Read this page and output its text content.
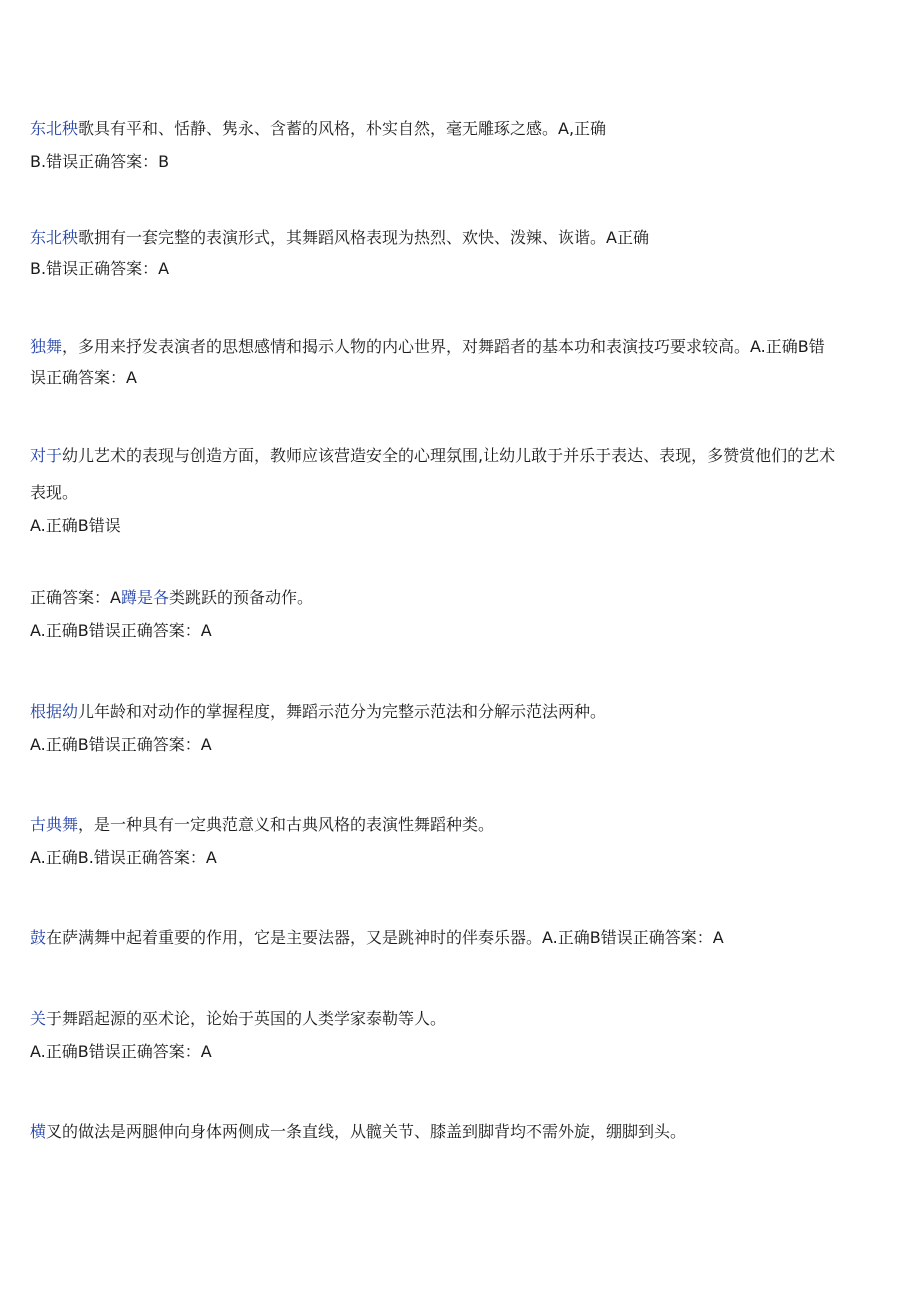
东北秧歌具有平和、恬静、隽永、含蓄的风格，朴实自然，毫无雕琢之感。A,正确
B.错误正确答案：B
东北秧歌拥有一套完整的表演形式，其舞蹈风格表现为热烈、欢快、泼辣、诙谐。A正确
B.错误正确答案：A
独舞，多用来抒发表演者的思想感情和揭示人物的内心世界，对舞蹈者的基本功和表演技巧要求较高。A.正确B错
误正确答案：A
对于幼儿艺术的表现与创造方面，教师应该营造安全的心理氛围,让幼儿敢于并乐于表达、表现，多赞赏他们的艺术
表现。
A.正确B错误
正确答案：A蹲是各类跳跃的预备动作。
A.正确B错误正确答案：A
根据幼儿年龄和对动作的掌握程度，舞蹈示范分为完整示范法和分解示范法两种。
A.正确B错误正确答案：A
古典舞，是一种具有一定典范意义和古典风格的表演性舞蹈种类。
A.正确B.错误正确答案：A
鼓在萨满舞中起着重要的作用，它是主要法器，又是跳神时的伴奏乐器。A.正确B错误正确答案：A
关于舞蹈起源的巫术论，论始于英国的人类学家泰勒等人。
A.正确B错误正确答案：A
横叉的做法是两腿伸向身体两侧成一条直线，从髋关节、膝盖到脚背均不需外旋，绷脚到头。
